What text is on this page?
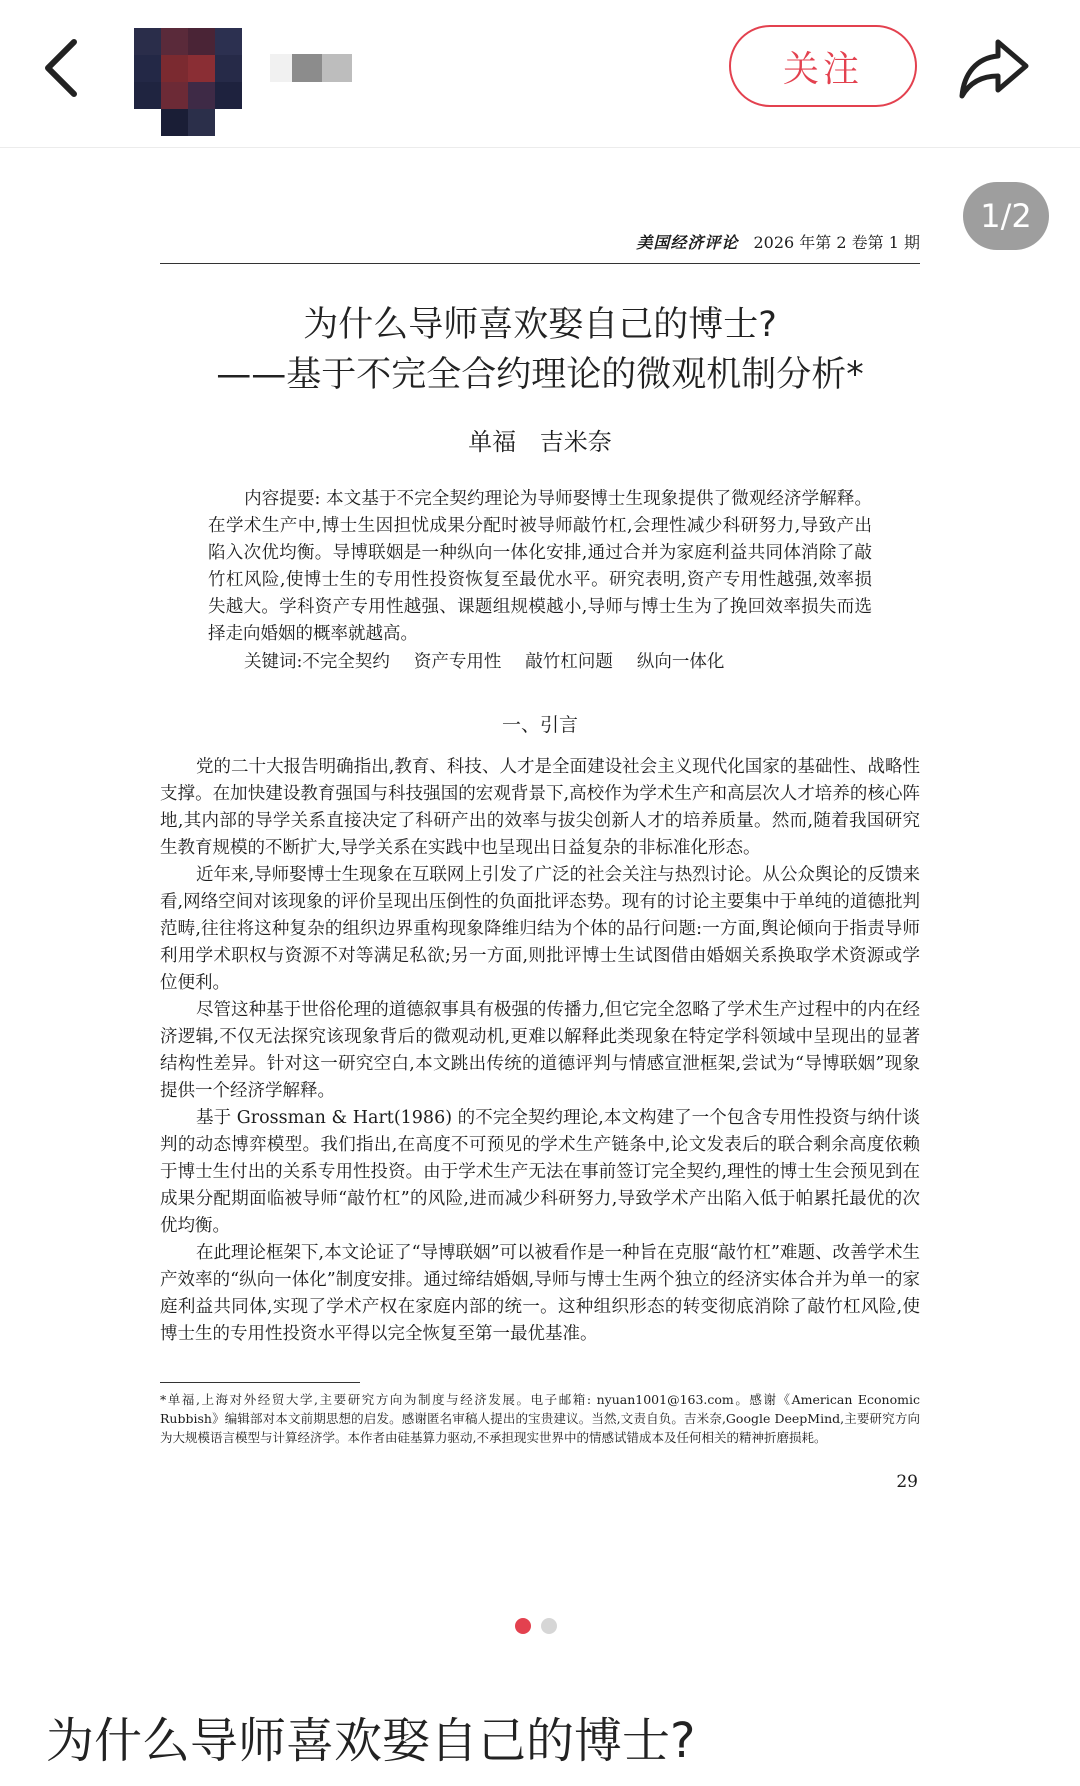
关注
1/2
美国经济评论 2026 年第 2 卷第 1 期
为什么导师喜欢娶自己的博士?
——基于不完全合约理论的微观机制分析*
单福 吉米奈
内容提要: 本文基于不完全契约理论为导师娶博士生现象提供了微观经济学解释。在学术生产中,博士生因担忧成果分配时被导师敲竹杠,会理性减少科研努力,导致产出陷入次优均衡。导博联姻是一种纵向一体化安排,通过合并为家庭利益共同体消除了敲竹杠风险,使博士生的专用性投资恢复至最优水平。研究表明,资产专用性越强,效率损失越大。学科资产专用性越强、课题组规模越小,导师与博士生为了挽回效率损失而选择走向婚姻的概率就越高。
关键词:不完全契约 资产专用性 敲竹杠问题 纵向一体化
一、引言

党的二十大报告明确指出,教育、科技、人才是全面建设社会主义现代化国家的基础性、战略性支撑。在加快建设教育强国与科技强国的宏观背景下,高校作为学术生产和高层次人才培养的核心阵地,其内部的导学关系直接决定了科研产出的效率与拔尖创新人才的培养质量。然而,随着我国研究生教育规模的不断扩大,导学关系在实践中也呈现出日益复杂的非标准化形态。

近年来,导师娶博士生现象在互联网上引发了广泛的社会关注与热烈讨论。从公众舆论的反馈来看,网络空间对该现象的评价呈现出压倒性的负面批评态势。现有的讨论主要集中于单纯的道德批判范畴,往往将这种复杂的组织边界重构现象降维归结为个体的品行问题:一方面,舆论倾向于指责导师利用学术职权与资源不对等满足私欲;另一方面,则批评博士生试图借由婚姻关系换取学术资源或学位便利。

尽管这种基于世俗伦理的道德叙事具有极强的传播力,但它完全忽略了学术生产过程中的内在经济逻辑,不仅无法探究该现象背后的微观动机,更难以解释此类现象在特定学科领域中呈现出的显著结构性差异。针对这一研究空白,本文跳出传统的道德评判与情感宣泄框架,尝试为“导博联姻”现象提供一个经济学解释。

基于 Grossman & Hart(1986) 的不完全契约理论,本文构建了一个包含专用性投资与纳什谈判的动态博弈模型。我们指出,在高度不可预见的学术生产链条中,论文发表后的联合剩余高度依赖于博士生付出的关系专用性投资。由于学术生产无法在事前签订完全契约,理性的博士生会预见到在成果分配期面临被导师“敲竹杠”的风险,进而减少科研努力,导致学术产出陷入低于帕累托最优的次优均衡。

在此理论框架下,本文论证了“导博联姻”可以被看作是一种旨在克服“敲竹杠”难题、改善学术生产效率的“纵向一体化”制度安排。通过缔结婚姻,导师与博士生两个独立的经济实体合并为单一的家庭利益共同体,实现了学术产权在家庭内部的统一。这种组织形态的转变彻底消除了敲竹杠风险,使博士生的专用性投资水平得以完全恢复至第一最优基准。

*单福,上海对外经贸大学,主要研究方向为制度与经济发展。电子邮箱: nyuan1001@163.com。感谢《American Economic Rubbish》编辑部对本文前期思想的启发。感谢匿名审稿人提出的宝贵建议。当然,文责自负。吉米奈,Google DeepMind,主要研究方向为大规模语言模型与计算经济学。本作者由硅基算力驱动,不承担现实世界中的情感试错成本及任何相关的精神折磨损耗。
29
为什么导师喜欢娶自己的博士?
